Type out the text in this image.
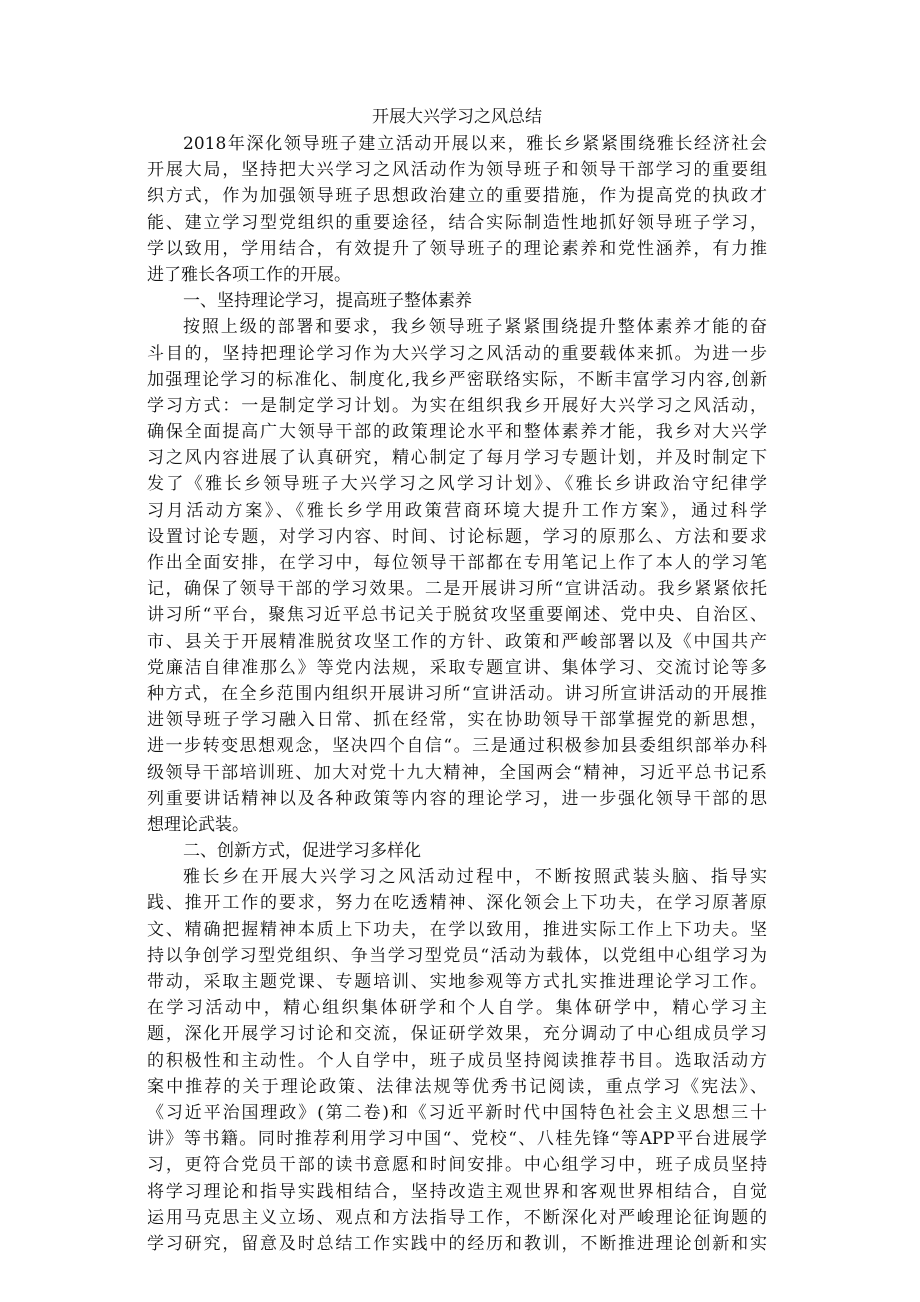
开展大兴学习之风总结
2018年深化领导班子建立活动开展以来，雅长乡紧紧围绕雅长经济社会
开展大局，坚持把大兴学习之风活动作为领导班子和领导干部学习的重要组
织方式，作为加强领导班子思想政治建立的重要措施，作为提高党的执政才
能、建立学习型党组织的重要途径，结合实际制造性地抓好领导班子学习，
学以致用，学用结合，有效提升了领导班子的理论素养和党性涵养，有力推
进了雅长各项工作的开展。
一、坚持理论学习，提高班子整体素养
按照上级的部署和要求，我乡领导班子紧紧围绕提升整体素养才能的奋
斗目的，坚持把理论学习作为大兴学习之风活动的重要载体来抓。为进一步
加强理论学习的标准化、制度化,我乡严密联络实际，不断丰富学习内容,创新
学习方式：一是制定学习计划。为实在组织我乡开展好大兴学习之风活动，
确保全面提高广大领导干部的政策理论水平和整体素养才能，我乡对大兴学
习之风内容进展了认真研究，精心制定了每月学习专题计划，并及时制定下
发了《雅长乡领导班子大兴学习之风学习计划》、《雅长乡讲政治守纪律学
习月活动方案》、《雅长乡学用政策营商环境大提升工作方案》，通过科学
设置讨论专题，对学习内容、时间、讨论标题，学习的原那么、方法和要求
作出全面安排，在学习中，每位领导干部都在专用笔记上作了本人的学习笔
记，确保了领导干部的学习效果。二是开展讲习所“宣讲活动。我乡紧紧依托
讲习所“平台，聚焦习近平总书记关于脱贫攻坚重要阐述、党中央、自治区、
市、县关于开展精准脱贫攻坚工作的方针、政策和严峻部署以及《中国共产
党廉洁自律准那么》等党内法规，采取专题宣讲、集体学习、交流讨论等多
种方式，在全乡范围内组织开展讲习所“宣讲活动。讲习所宣讲活动的开展推
进领导班子学习融入日常、抓在经常，实在协助领导干部掌握党的新思想，
进一步转变思想观念，坚决四个自信“。三是通过积极参加县委组织部举办科
级领导干部培训班、加大对党十九大精神，全国两会“精神，习近平总书记系
列重要讲话精神以及各种政策等内容的理论学习，进一步强化领导干部的思
想理论武装。
二、创新方式，促进学习多样化
雅长乡在开展大兴学习之风活动过程中，不断按照武装头脑、指导实
践、推开工作的要求，努力在吃透精神、深化领会上下功夫，在学习原著原
文、精确把握精神本质上下功夫，在学以致用，推进实际工作上下功夫。坚
持以争创学习型党组织、争当学习型党员“活动为载体，以党组中心组学习为
带动，采取主题党课、专题培训、实地参观等方式扎实推进理论学习工作。
在学习活动中，精心组织集体研学和个人自学。集体研学中，精心学习主
题，深化开展学习讨论和交流，保证研学效果，充分调动了中心组成员学习
的积极性和主动性。个人自学中，班子成员坚持阅读推荐书目。选取活动方
案中推荐的关于理论政策、法律法规等优秀书记阅读，重点学习《宪法》、
《习近平治国理政》(第二卷)和《习近平新时代中国特色社会主义思想三十
讲》等书籍。同时推荐利用学习中国“、党校“、八桂先锋“等APP平台进展学
习，更符合党员干部的读书意愿和时间安排。中心组学习中，班子成员坚持
将学习理论和指导实践相结合，坚持改造主观世界和客观世界相结合，自觉
运用马克思主义立场、观点和方法指导工作，不断深化对严峻理论征询题的
学习研究，留意及时总结工作实践中的经历和教训，不断推进理论创新和实
